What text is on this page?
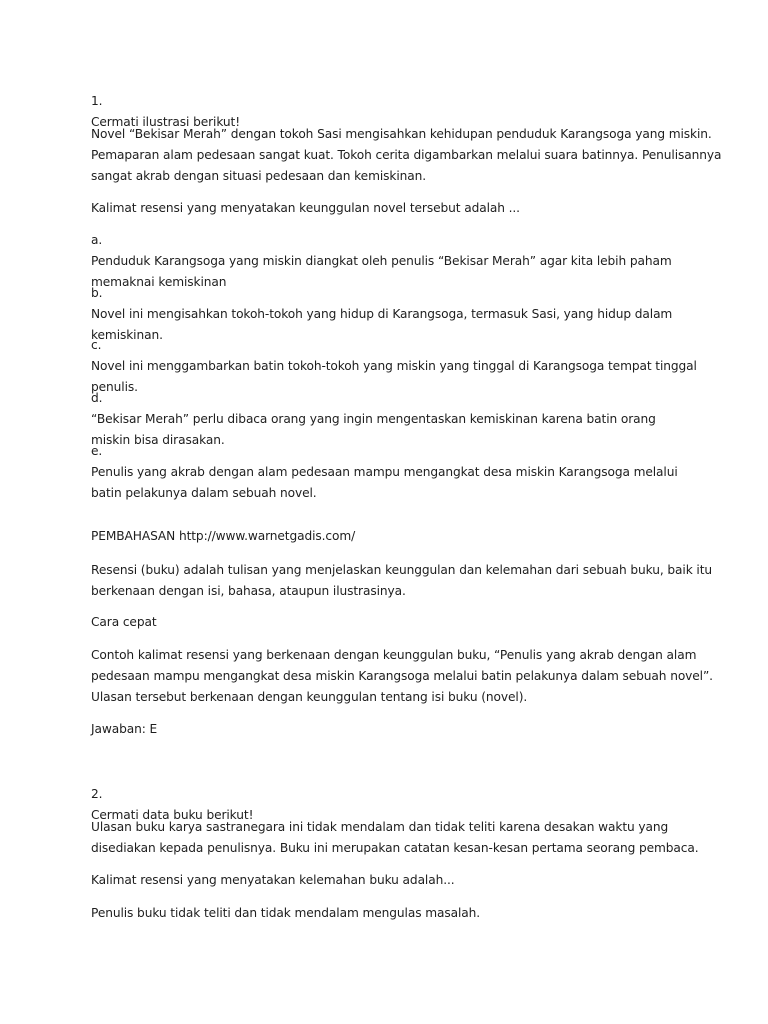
1.
Cermati ilustrasi berikut!
Novel “Bekisar Merah” dengan tokoh Sasi mengisahkan kehidupan penduduk Karangsoga yang miskin.
Pemaparan alam pedesaan sangat kuat. Tokoh cerita digambarkan melalui suara batinnya. Penulisannya
sangat akrab dengan situasi pedesaan dan kemiskinan.
Kalimat resensi yang menyatakan keunggulan novel tersebut adalah ...
a.
Penduduk Karangsoga yang miskin diangkat oleh penulis “Bekisar Merah” agar kita lebih paham
memaknai kemiskinan
b.
Novel ini mengisahkan tokoh-tokoh yang hidup di Karangsoga, termasuk Sasi, yang hidup dalam
kemiskinan.
c.
Novel ini menggambarkan batin tokoh-tokoh yang miskin yang tinggal di Karangsoga tempat tinggal
penulis.
d.
“Bekisar Merah” perlu dibaca orang yang ingin mengentaskan kemiskinan karena batin orang
miskin bisa dirasakan.
e.
Penulis yang akrab dengan alam pedesaan mampu mengangkat desa miskin Karangsoga melalui
batin pelakunya dalam sebuah novel.
PEMBAHASAN http://www.warnetgadis.com/
Resensi (buku) adalah tulisan yang menjelaskan keunggulan dan kelemahan dari sebuah buku, baik itu
berkenaan dengan isi, bahasa, ataupun ilustrasinya.
Cara cepat
Contoh kalimat resensi yang berkenaan dengan keunggulan buku, “Penulis yang akrab dengan alam
pedesaan mampu mengangkat desa miskin Karangsoga melalui batin pelakunya dalam sebuah novel”.
Ulasan tersebut berkenaan dengan keunggulan tentang isi buku (novel).
Jawaban: E
2.
Cermati data buku berikut!
Ulasan buku karya sastranegara ini tidak mendalam dan tidak teliti karena desakan waktu yang
disediakan kepada penulisnya. Buku ini merupakan catatan kesan-kesan pertama seorang pembaca.
Kalimat resensi yang menyatakan kelemahan buku adalah...
Penulis buku tidak teliti dan tidak mendalam mengulas masalah.
